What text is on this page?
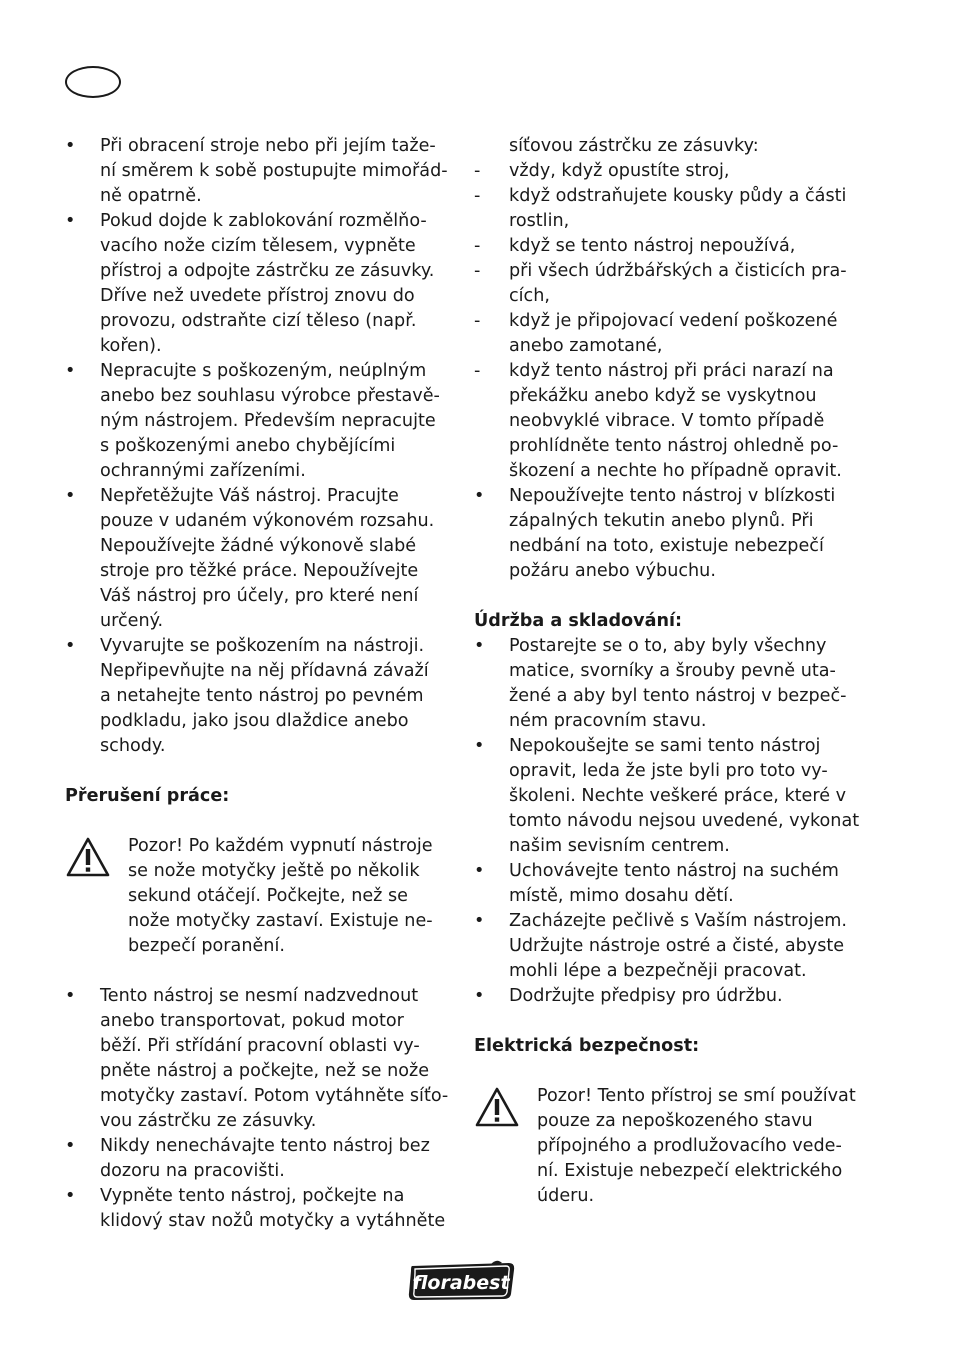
• Při obracení stroje nebo při jejím taže-
ní směrem k sobě postupujte mimořád-
ně opatrně.
• Pokud dojde k zablokování rozmělňo-
vacího nože cizím tělesem, vypněte
přístroj a odpojte zástrčku ze zásuvky.
Dříve než uvedete přístroj znovu do
provozu, odstraňte cizí těleso (např.
kořen).
• Nepracujte s poškozeným, neúplným
anebo bez souhlasu výrobce přestavě-
ným nástrojem. Především nepracujte
s poškozenými anebo chybějícími
ochrannými zařízeními.
• Nepřetěžujte Váš nástroj. Pracujte
pouze v udaném výkonovém rozsahu.
Nepoužívejte žádné výkonově slabé
stroje pro těžké práce. Nepoužívejte
Váš nástroj pro účely, pro které není
určený.
• Vyvarujte se poškozením na nástroji.
Nepřipevňujte na něj přídavná závaží
a netahejte tento nástroj po pevném
podkladu, jako jsou dlaždice anebo
schody.
Přerušení práce:
Pozor! Po každém vypnutí nástroje
se nože motyčky ještě po několik
sekund otáčejí. Počkejte, než se
nože motyčky zastaví. Existuje ne-
bezpečí poranění.
• Tento nástroj se nesmí nadzvednout
anebo transportovat, pokud motor
běží. Při střídání pracovní oblasti vy-
pněte nástroj a počkejte, než se nože
motyčky zastaví. Potom vytáhněte síťo-
vou zástrčku ze zásuvky.
• Nikdy nenechávajte tento nástroj bez
dozoru na pracovišti.
• Vypněte tento nástroj, počkejte na
klidový stav nožů motyčky a vytáhněte
síťovou zástrčku ze zásuvky:
- vždy, když opustíte stroj,
- když odstraňujete kousky půdy a části
rostlin,
- když se tento nástroj nepoužívá,
- při všech údržbářských a čisticích pra-
cích,
- když je připojovací vedení poškozené
anebo zamotané,
- když tento nástroj při práci narazí na
překážku anebo když se vyskytnou
neobvyklé vibrace. V tomto případě
prohlídněte tento nástroj ohledně po-
škození a nechte ho případně opravit.
• Nepoužívejte tento nástroj v blízkosti
zápalných tekutin anebo plynů. Při
nedbání na toto, existuje nebezpečí
požáru anebo výbuchu.
Údržba a skladování:
• Postarejte se o to, aby byly všechny
matice, svorníky a šrouby pevně uta-
žené a aby byl tento nástroj v bezpeč-
ném pracovním stavu.
• Nepokoušejte se sami tento nástroj
opravit, leda že jste byli pro toto vy-
školeni. Nechte veškeré práce, které v
tomto návodu nejsou uvedené, vykonat
našim sevisním centrem.
• Uchovávejte tento nástroj na suchém
místě, mimo dosahu dětí.
• Zacházejte pečlivě s Vaším nástrojem.
Udržujte nástroje ostré a čisté, abyste
mohli lépe a bezpečněji pracovat.
• Dodržujte předpisy pro údržbu.
Elektrická bezpečnost:
Pozor! Tento přístroj se smí používat
pouze za nepoškozeného stavu
přípojného a prodlužovacího vede-
ní. Existuje nebezpečí elektrického
úderu.
florabest
